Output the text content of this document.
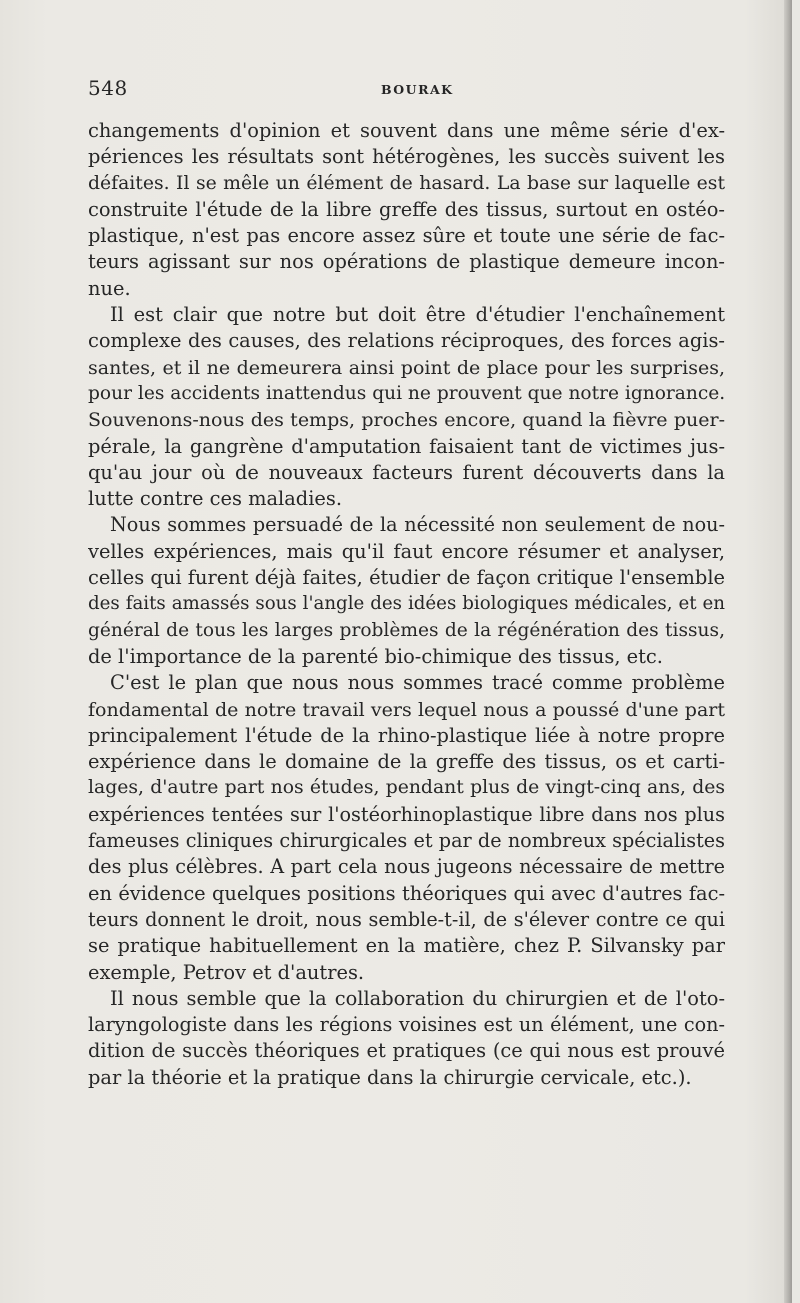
548	BOURAK
changements d'opinion et souvent dans une même série d'ex-
périences les résultats sont hétérogènes, les succès suivent les
défaites. Il se mêle un élément de hasard. La base sur laquelle est
construite l'étude de la libre greffe des tissus, surtout en ostéo-
plastique, n'est pas encore assez sûre et toute une série de fac-
teurs agissant sur nos opérations de plastique demeure incon-
nue.
Il est clair que notre but doit être d'étudier l'enchaînement
complexe des causes, des relations réciproques, des forces agis-
santes, et il ne demeurera ainsi point de place pour les surprises,
pour les accidents inattendus qui ne prouvent que notre ignorance.
Souvenons-nous des temps, proches encore, quand la fièvre puer-
pérale, la gangrène d'amputation faisaient tant de victimes jus-
qu'au jour où de nouveaux facteurs furent découverts dans la
lutte contre ces maladies.
Nous sommes persuadé de la nécessité non seulement de nou-
velles expériences, mais qu'il faut encore résumer et analyser,
celles qui furent déjà faites, étudier de façon critique l'ensemble
des faits amassés sous l'angle des idées biologiques médicales, et en
général de tous les larges problèmes de la régénération des tissus,
de l'importance de la parenté bio-chimique des tissus, etc.
C'est le plan que nous nous sommes tracé comme problème
fondamental de notre travail vers lequel nous a poussé d'une part
principalement l'étude de la rhino-plastique liée à notre propre
expérience dans le domaine de la greffe des tissus, os et carti-
lages, d'autre part nos études, pendant plus de vingt-cinq ans, des
expériences tentées sur l'ostéorhinoplastique libre dans nos plus
fameuses cliniques chirurgicales et par de nombreux spécialistes
des plus célèbres. A part cela nous jugeons nécessaire de mettre
en évidence quelques positions théoriques qui avec d'autres fac-
teurs donnent le droit, nous semble-t-il, de s'élever contre ce qui
se pratique habituellement en la matière, chez P. Silvansky par
exemple, Petrov et d'autres.
Il nous semble que la collaboration du chirurgien et de l'oto-
laryngologiste dans les régions voisines est un élément, une con-
dition de succès théoriques et pratiques (ce qui nous est prouvé
par la théorie et la pratique dans la chirurgie cervicale, etc.).
